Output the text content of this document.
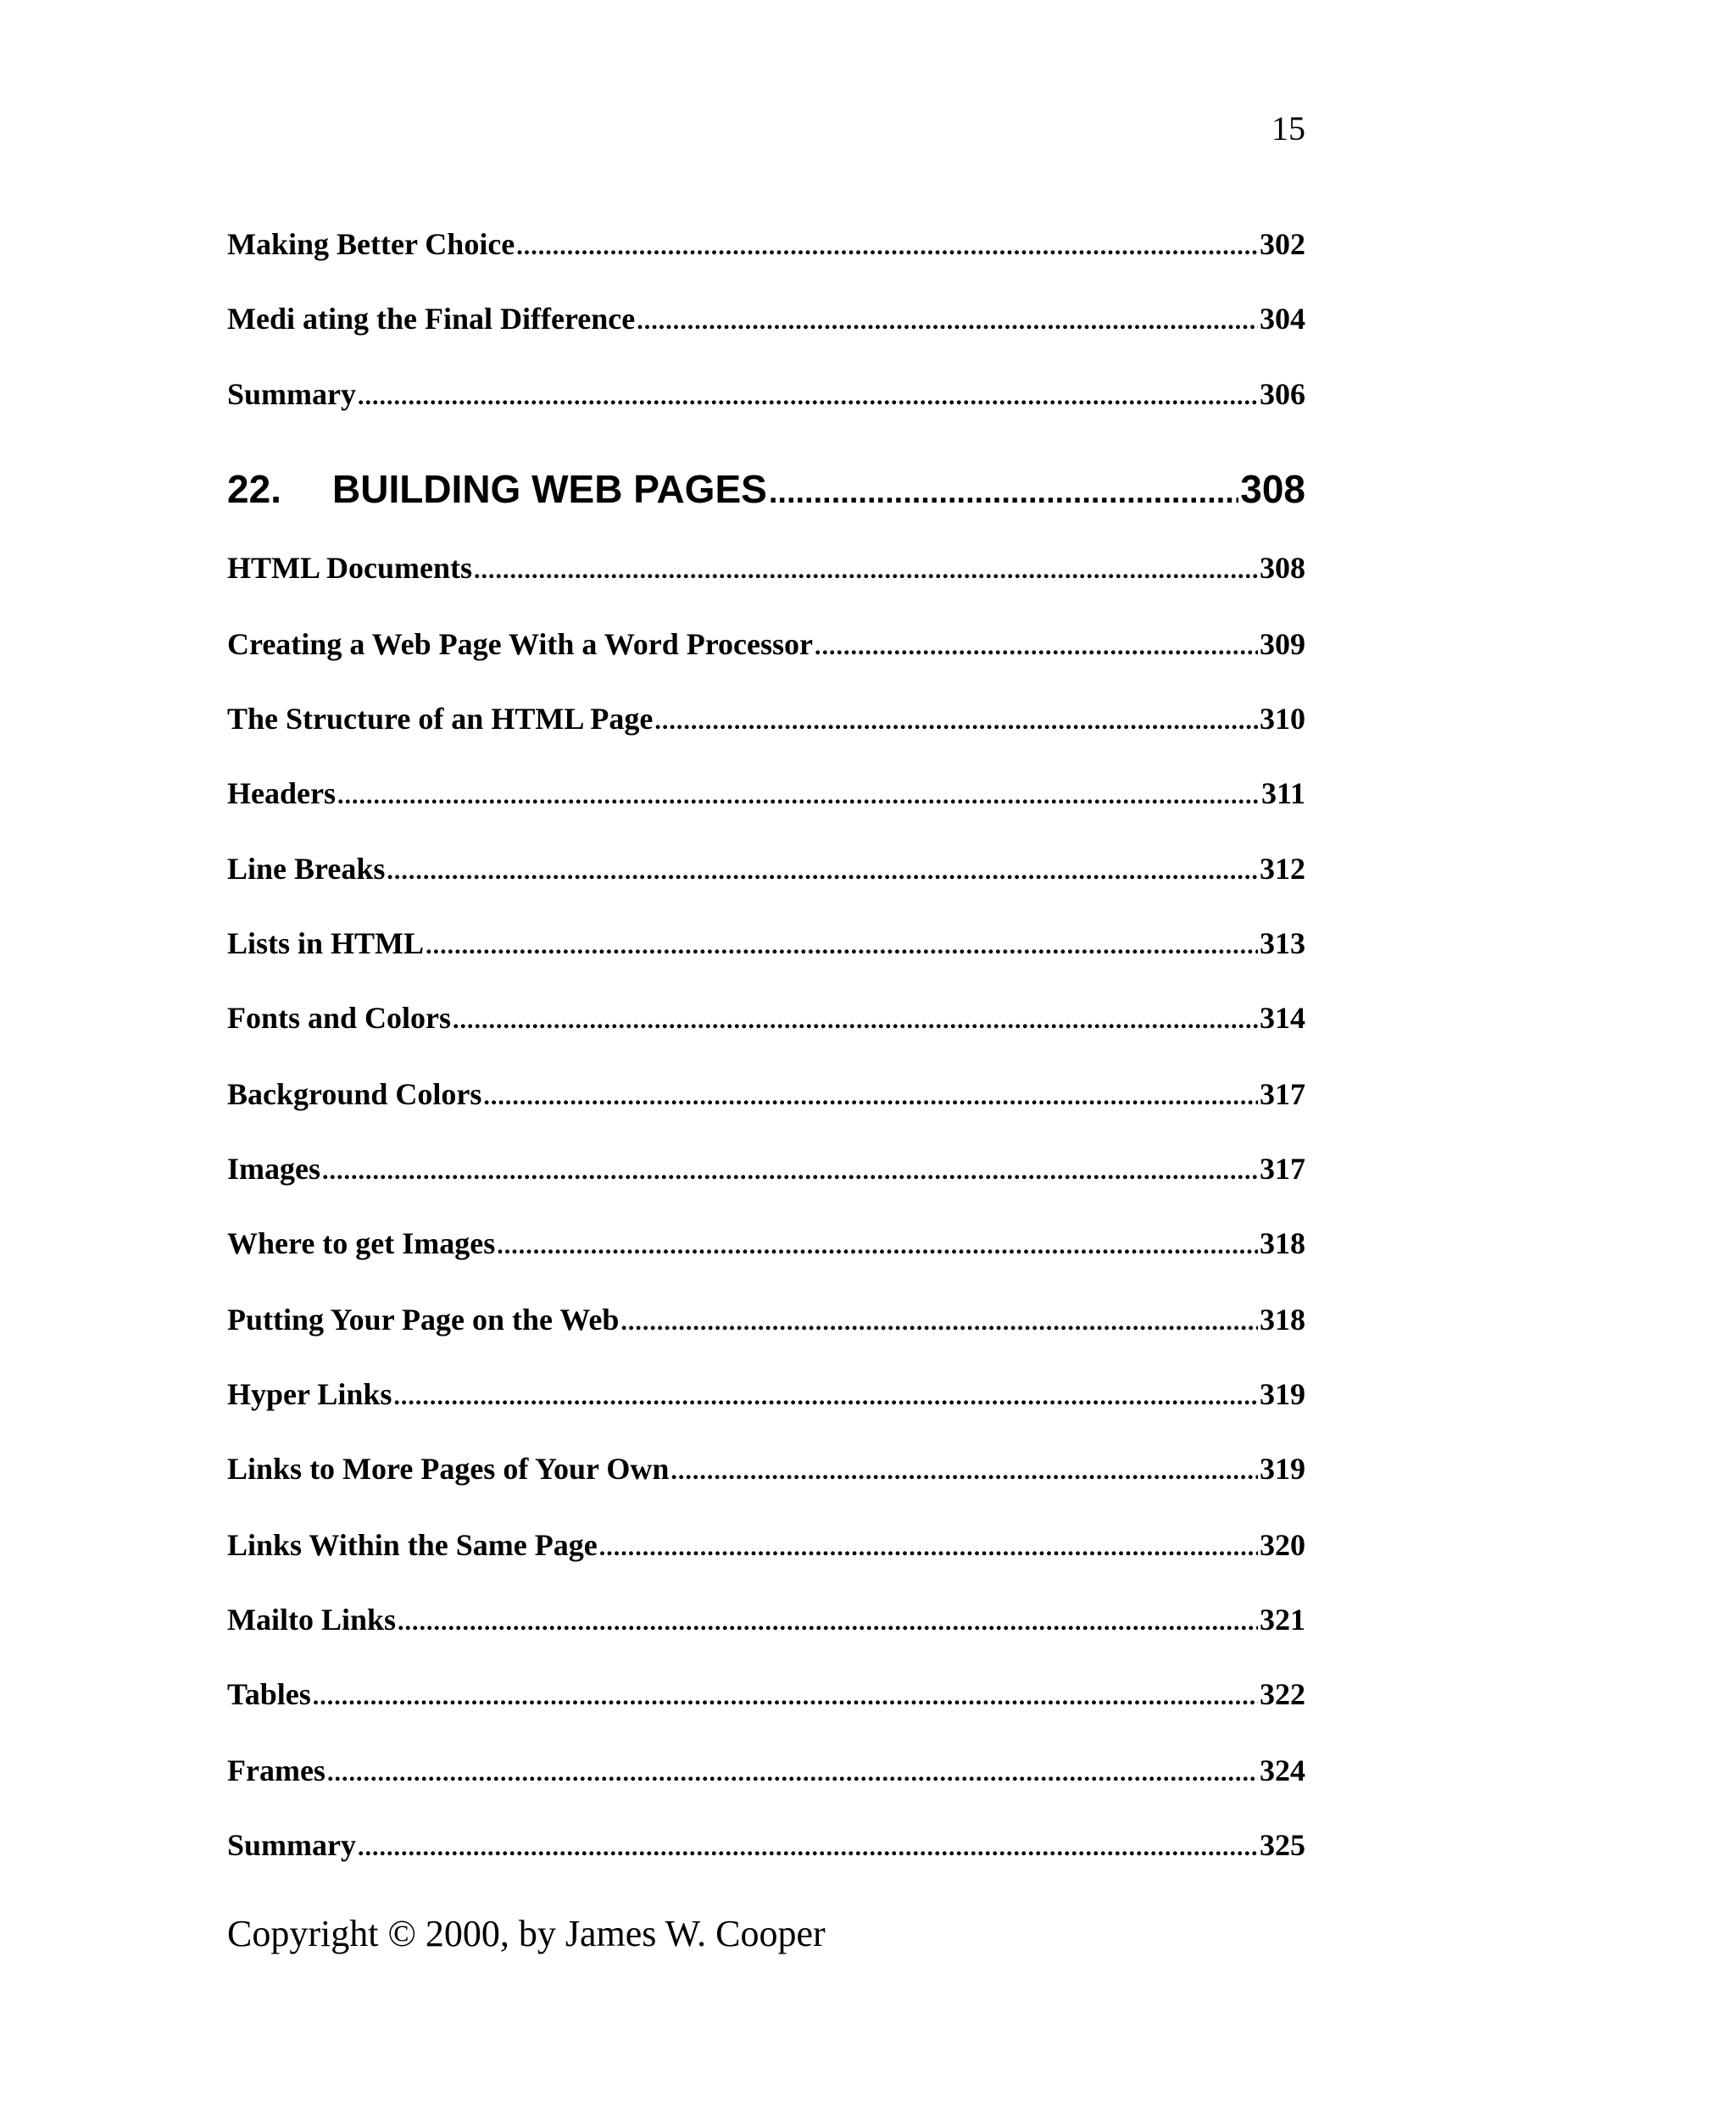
15
Making Better Choice .....	302
Medi ating the Final Difference .....	304
Summary .....	306
22.	BUILDING WEB PAGES .....	308
HTML Documents .....	308
Creating a Web Page With a Word Processor .....	309
The Structure of an HTML Page .....	310
Headers .....	311
Line Breaks .....	312
Lists in HTML .....	313
Fonts and Colors .....	314
Background Colors .....	317
Images .....	317
Where to get Images .....	318
Putting Your Page on the Web .....	318
Hyper Links .....	319
Links to More Pages of Your Own .....	319
Links Within the Same Page .....	320
Mailto Links .....	321
Tables .....	322
Frames .....	324
Summary .....	325
Copyright © 2000, by James W. Cooper
